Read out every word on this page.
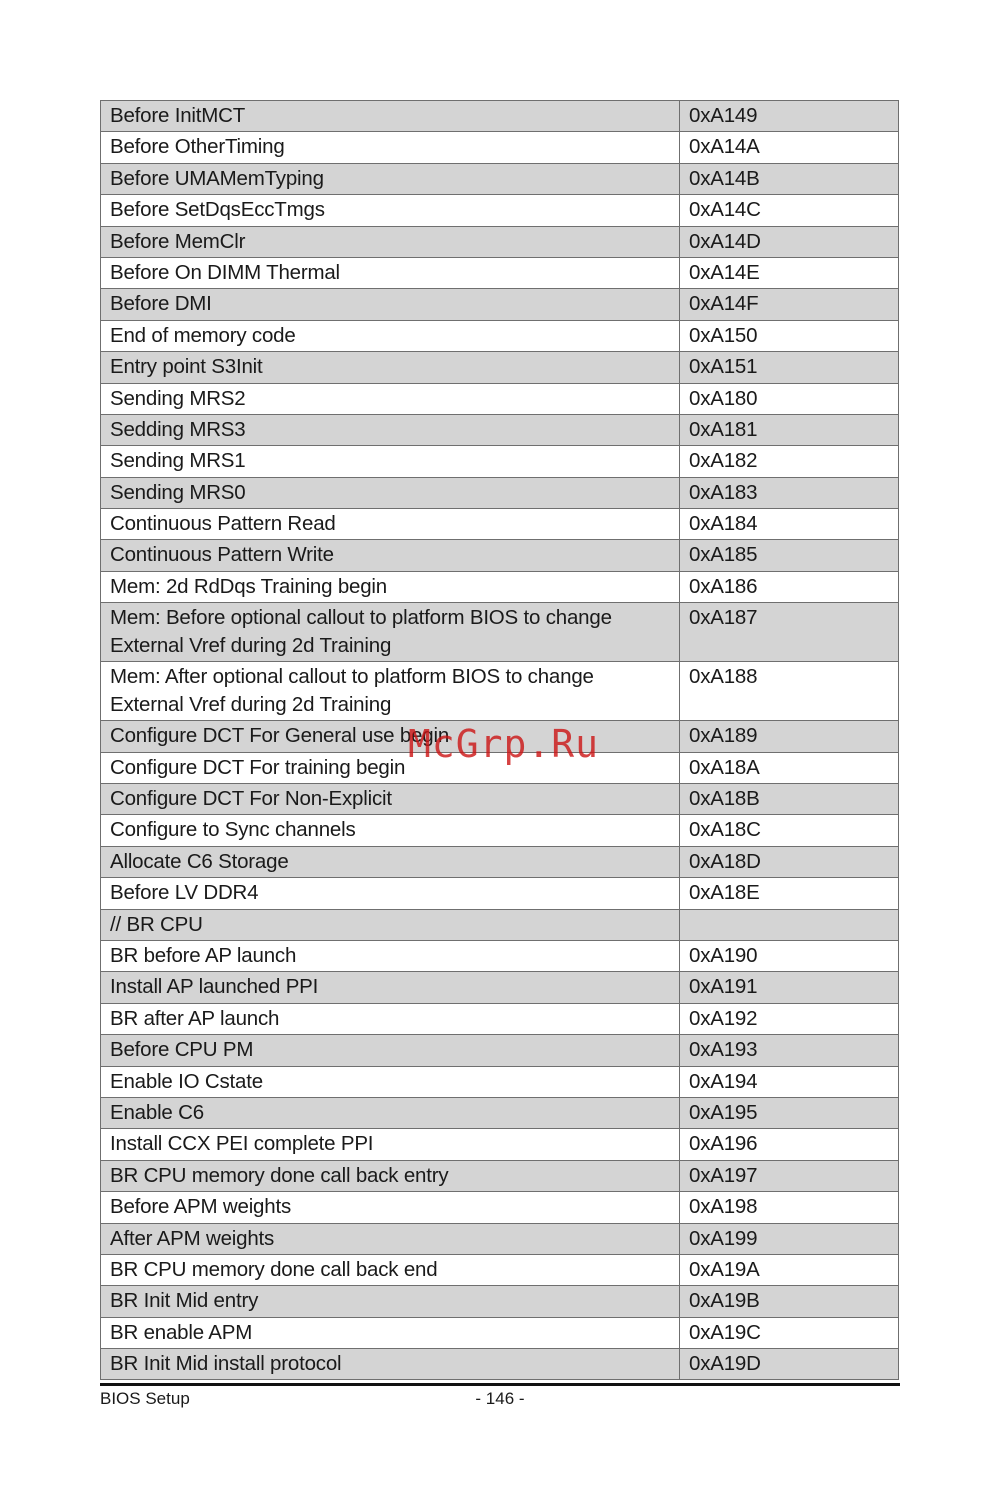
Before InitMCT	0xA149
Before OtherTiming	0xA14A
Before UMAMemTyping	0xA14B
Before SetDqsEccTmgs	0xA14C
Before MemClr	0xA14D
Before On DIMM Thermal	0xA14E
Before DMI	0xA14F
End of memory code	0xA150
Entry point S3Init	0xA151
Sending MRS2	0xA180
Sedding MRS3	0xA181
Sending MRS1	0xA182
Sending MRS0	0xA183
Continuous Pattern Read	0xA184
Continuous Pattern Write	0xA185
Mem: 2d RdDqs Training begin	0xA186
Mem: Before optional callout to platform BIOS to change External Vref during 2d Training	0xA187
Mem: After optional callout to platform BIOS to change External Vref during 2d Training	0xA188
Configure DCT For General use begin	0xA189
Configure DCT For training begin	0xA18A
Configure DCT For Non-Explicit	0xA18B
Configure to Sync channels	0xA18C
Allocate C6 Storage	0xA18D
Before LV DDR4	0xA18E
// BR CPU	
BR before AP launch	0xA190
Install AP launched PPI	0xA191
BR after AP launch	0xA192
Before CPU PM	0xA193
Enable IO Cstate	0xA194
Enable C6	0xA195
Install CCX PEI complete PPI	0xA196
BR CPU memory done call back entry	0xA197
Before APM weights	0xA198
After APM weights	0xA199
BR CPU memory done call back end	0xA19A
BR Init Mid entry	0xA19B
BR enable APM	0xA19C
BR Init Mid install protocol	0xA19D
McGrp.Ru
BIOS Setup	- 146 -
